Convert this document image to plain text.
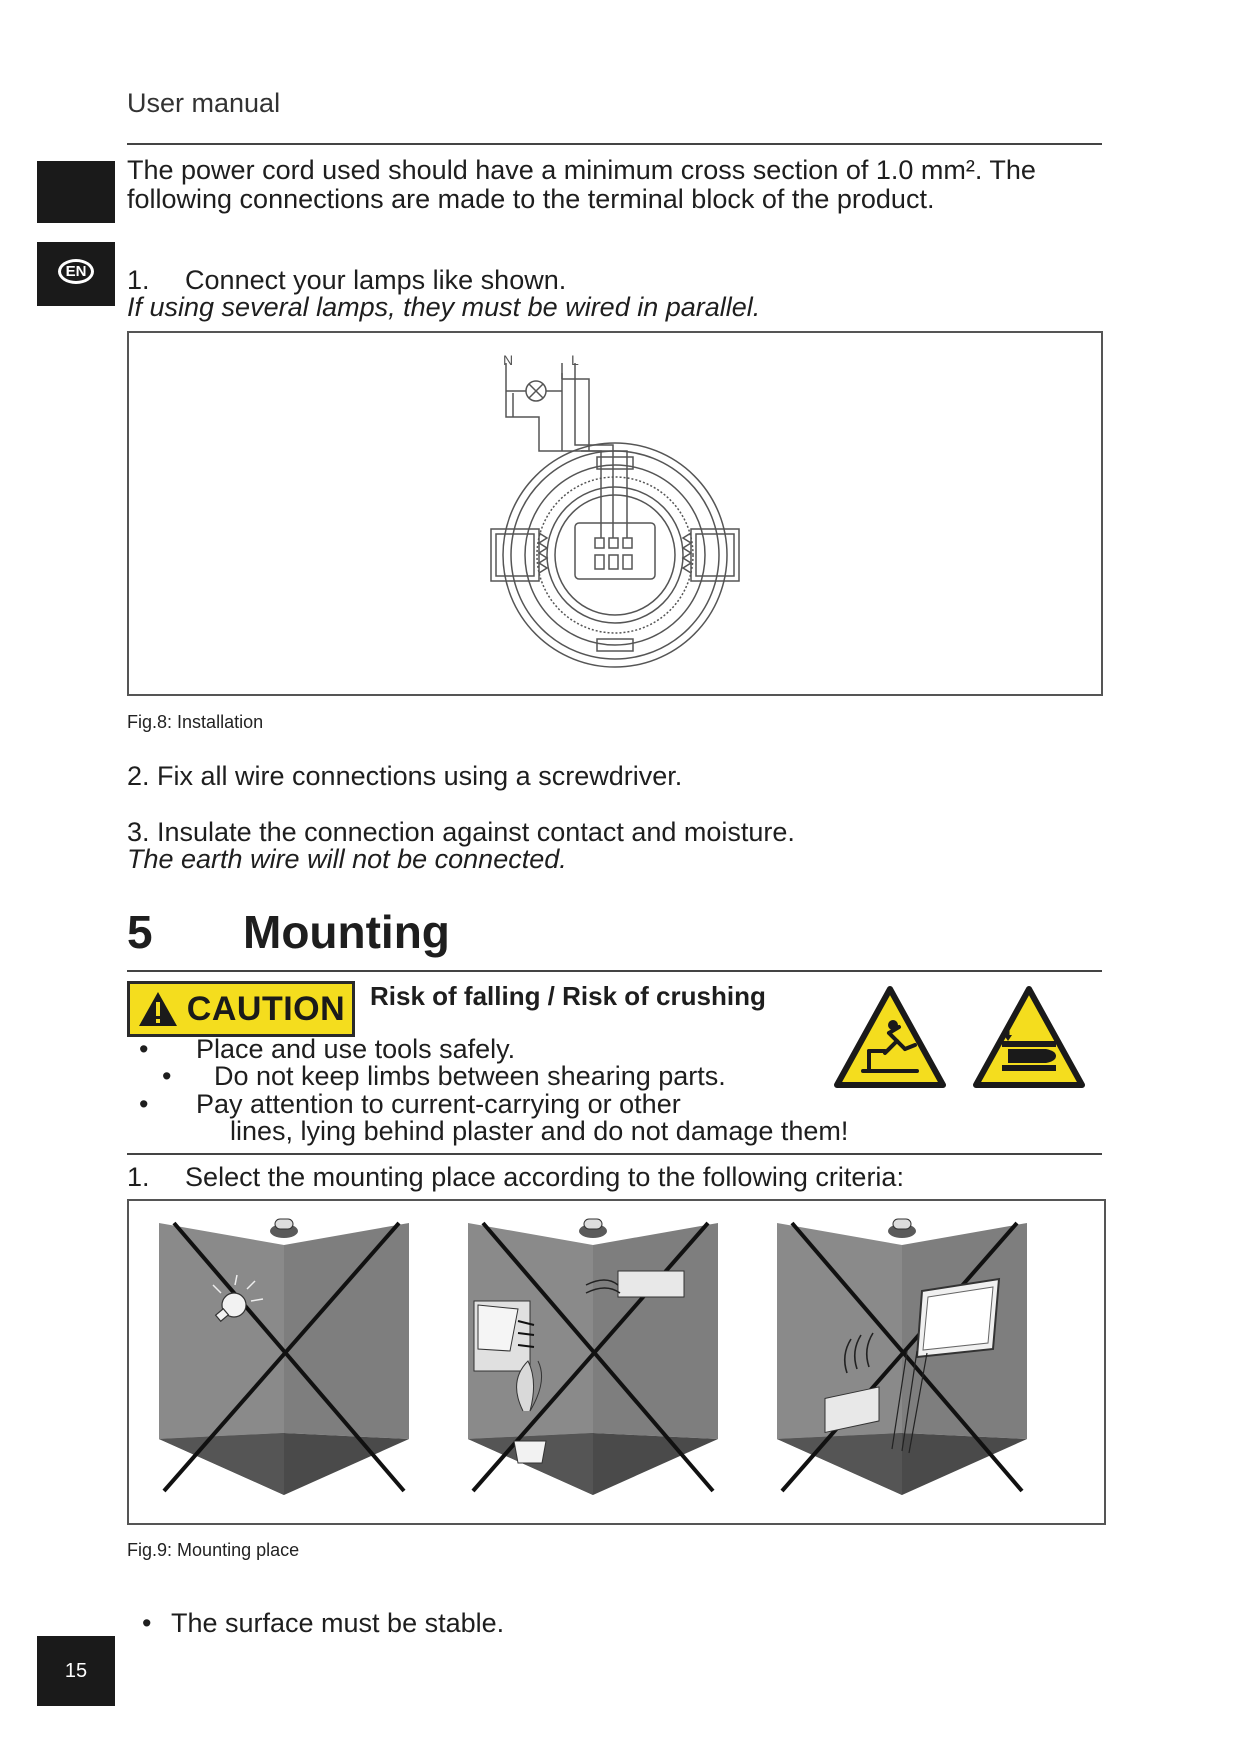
User manual
EN
The power cord used should have a minimum cross section of 1.0 mm². The
following connections are made to the terminal block of the product.
1. Connect your lamps like shown.
If using several lamps, they must be wired in parallel.
N	L
Fig.8: Installation
2. Fix all wire connections using a screwdriver.
3. Insulate the connection against contact and moisture.
The earth wire will not be connected.
5 Mounting
CAUTION Risk of falling / Risk of crushing
• Place and use tools safely.
• Do not keep limbs between shearing parts.
• Pay attention to current-carrying or other
lines, lying behind plaster and do not damage them!
1. Select the mounting place according to the following criteria:
Fig.9: Mounting place
• The surface must be stable.
15
